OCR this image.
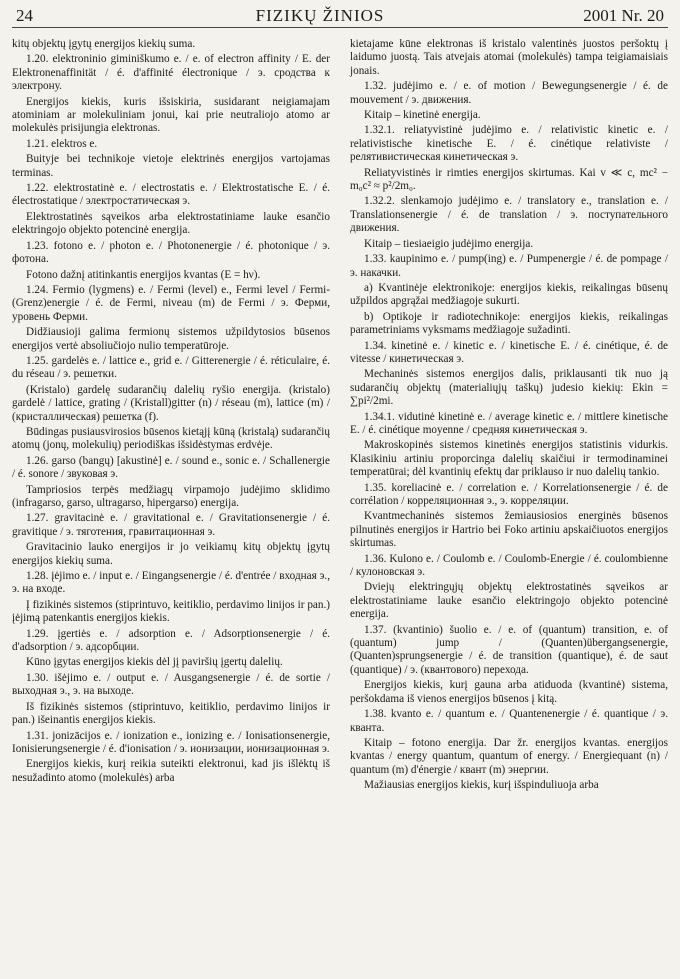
24	FIZIKŲ ŽINIOS	2001 Nr. 20

kitų objektų įgytų energijos kiekių suma.

1.20. elektroninio giminiškumo e. / e. of electron affinity / E. der Elektronenaffinität / é. d'affinité électronique / э. сродства к электрону.

Energijos kiekis, kuris išsiskiria, susidarant neigiamajam atominiam ar molekuliniam jonui, kai prie neutraliojo atomo ar molekulės prisijungia elektronas.

1.21. elektros e.

Buityje bei technikoje vietoje elektrinės energijos vartojamas terminas.

1.22. elektrostatinė e. / electrostatis e. / Elektrostatische E. / é. électrostatique / электростатическая э.

Elektrostatinės sąveikos arba elektrostatiniame lauke esančio elektringojo objekto potencinė energija.

1.23. fotono e. / photon e. / Photonenergie / é. photonique / э. фотона.

Fotono dažnį atitinkantis energijos kvantas (E = hν).

1.24. Fermio (lygmens) e. / Fermi (level) e., Fermi level / Fermi-(Grenz)energie / é. de Fermi, niveau (m) de Fermi / э. Ферми, уровень Ферми.

Didžiausioji galima fermionų sistemos užpildytosios būsenos energijos vertė absoliučiojo nulio temperatūroje.

1.25. gardelės e. / lattice e., grid e. / Gitterenergie / é. réticulaire, é. du réseau / э. решетки.

(Kristalo) gardelę sudarančių dalelių ryšio energija. (kristalo) gardelė / lattice, grating / (Kristall)gitter (n) / réseau (m), lattice (m) / (кристаллическая) решетка (f).

Būdingas pusiausvirosios būsenos kietąjį kūną (kristalą) sudarančių atomų (jonų, molekulių) periodiškas išsidėstymas erdvėje.

1.26. garso (bangų) [akustinė] e. / sound e., sonic e. / Schallenergie / é. sonore / звуковая э.

Tampriosios terpės medžiagų virpamojo judėjimo sklidimo (infragarso, garso, ultragarso, hipergarso) energija.

1.27. gravitacinė e. / gravitational e. / Gravitationsenergie / é. gravitique / э. тяготения, гравитационная э.

Gravitacinio lauko energijos ir jo veikiamų kitų objektų įgytų energijos kiekių suma.

1.28. įėjimo e. / input e. / Eingangsenergie / é. d'entrée / входная э., э. на входе.

Į fizikinės sistemos (stiprintuvo, keitiklio, perdavimo linijos ir pan.) įėjimą patenkantis energijos kiekis.

1.29. įgertiės e. / adsorption e. / Adsorptionsenergie / é. d'adsorption / э. адсорбции.

Kūno įgytas energijos kiekis dėl jį paviršių įgertų dalelių.

1.30. išėjimo e. / output e. / Ausgangsenergie / é. de sortie / выходная э., э. на выходе.

Iš fizikinės sistemos (stiprintuvo, keitiklio, perdavimo linijos ir pan.) išeinantis energijos kiekis.

1.31. jonizācijos e. / ionization e., ionizing e. / Ionisationsenergie, Ionisierungsenergie / é. d'ionisation / э. ионизации, ионизационная э.

Energijos kiekis, kurį reikia suteikti elektronui, kad jis išlėktų iš nesužadinto atomo (molekulės) arba

kietajame kūne elektronas iš kristalo valentinės juostos peršoktų į laidumo juostą. Tais atvejais atomai (molekulės) tampa teigiamaisiais jonais.

1.32. judėjimo e. / e. of motion / Bewegungsenergie / é. de mouvement / э. движения.

Kitaip – kinetinė energija.

1.32.1. reliatyvistinė judėjimo e. / relativistic kinetic e. / relativistische kinetische E. / é. cinétique relativiste / релятивистическая кинетическая э.

Reliatyvistinės ir rimties energijos skirtumas. Kai v ≪ c, mc² − m₀c² ≈ p²/2m₀.

1.32.2. slenkamojo judėjimo e. / translatory e., translation e. / Translationsenergie / é. de translation / э. поступательного движения.

Kitaip – tiesiaeigio judėjimo energija.

1.33. kaupinimo e. / pump(ing) e. / Pumpenergie / é. de pompage / э. накачки.

a) Kvantinėje elektronikoje: energijos kiekis, reikalingas būsenų užpildos apgrąžai medžiagoje sukurti.

b) Optikoje ir radiotechnikoje: energijos kiekis, reikalingas parametriniams vyksmams medžiagoje sužadinti.

1.34. kinetinė e. / kinetic e. / kinetische E. / é. cinétique, é. de vitesse / кинетическая э.

Mechaninės sistemos energijos dalis, priklausanti tik nuo ją sudarančių objektų (materialiųjų taškų) judesio kiekių: Ekin = ∑pi²/2mi.

1.34.1. vidutinė kinetinė e. / average kinetic e. / mittlere kinetische E. / é. cinétique moyenne / средняя кинетическая э.

Makroskopinės sistemos kinetinės energijos statistinis vidurkis. Klasikiniu artiniu proporcinga dalelių skaičiui ir termodinaminei temperatūrai; dėl kvantinių efektų dar priklauso ir nuo dalelių tankio.

1.35. koreliacinė e. / correlation e. / Korrelationsenergie / é. de corrélation / корреляционная э., э. корреляции.

Kvantmechaninės sistemos žemiausiosios energinės būsenos pilnutinės energijos ir Hartrio bei Foko artiniu apskaičiuotos energijos skirtumas.

1.36. Kulono e. / Coulomb e. / Coulomb-Energie / é. coulombienne / кулоновская э.

Dviejų elektringųjų objektų elektrostatinės sąveikos ar elektrostatiniame lauke esančio elektringojo objekto potencinė energija.

1.37. (kvantinio) šuolio e. / e. of (quantum) transition, e. of (quantum) jump / (Quanten)übergangsenergie, (Quanten)sprungsenergie / é. de transition (quantique), é. de saut (quantique) / э. (квантового) перехода.

Energijos kiekis, kurį gauna arba atiduoda (kvantinė) sistema, peršokdama iš vienos energijos būsenos į kitą.

1.38. kvanto e. / quantum e. / Quantenenergie / é. quantique / э. кванта.

Kitaip – fotono energija. Dar žr. energijos kvantas. energijos kvantas / energy quantum, quantum of energy. / Energiequant (n) / quantum (m) d'énergie / квант (m) энергии.

Mažiausias energijos kiekis, kurį išspinduliuoja arba
